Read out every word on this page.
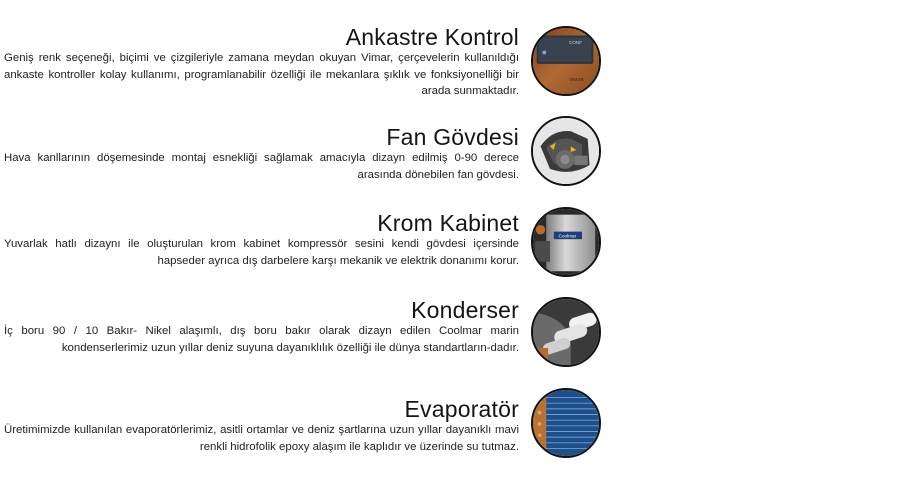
Ankastre Kontrol

Geniş renk seçeneği, biçimi ve çizgileriyle zamana meydan okuyan Vimar, çerçevelerin kullanıldığı ankaste kontroller kolay kullanımı, programlanabilir özelliği ile mekanlara şıklık ve fonksiyonelliği bir arada sunmaktadır.

CONF
VIMAR
Fan Gövdesi

Hava kanllarının döşemesinde montaj esnekliği sağlamak amacıyla dizayn edilmiş 0-90 derece arasında dönebilen fan gövdesi.

Krom Kabinet

Yuvarlak hatlı dizaynı ile oluşturulan krom kabinet kompressör sesini kendi gövdesi içersinde hapseder ayrıca dış darbelere karşı mekanik ve elektrik donanımı korur.

Coolmar
Konderser

İç boru 90 / 10 Bakır- Nikel alaşımlı, dış boru bakır olarak dizayn edilen Coolmar marin kondenserlerimiz uzun yıllar deniz suyuna dayanıklılık özelliği ile dünya standartların-dadır.

Evaporatör

Üretimimizde kullanılan evaporatörlerimiz, asitli ortamlar ve deniz şartlarına uzun yıllar dayanıklı mavi renkli hidrofolik epoxy alaşım ile kaplıdır ve üzerinde su tutmaz.
